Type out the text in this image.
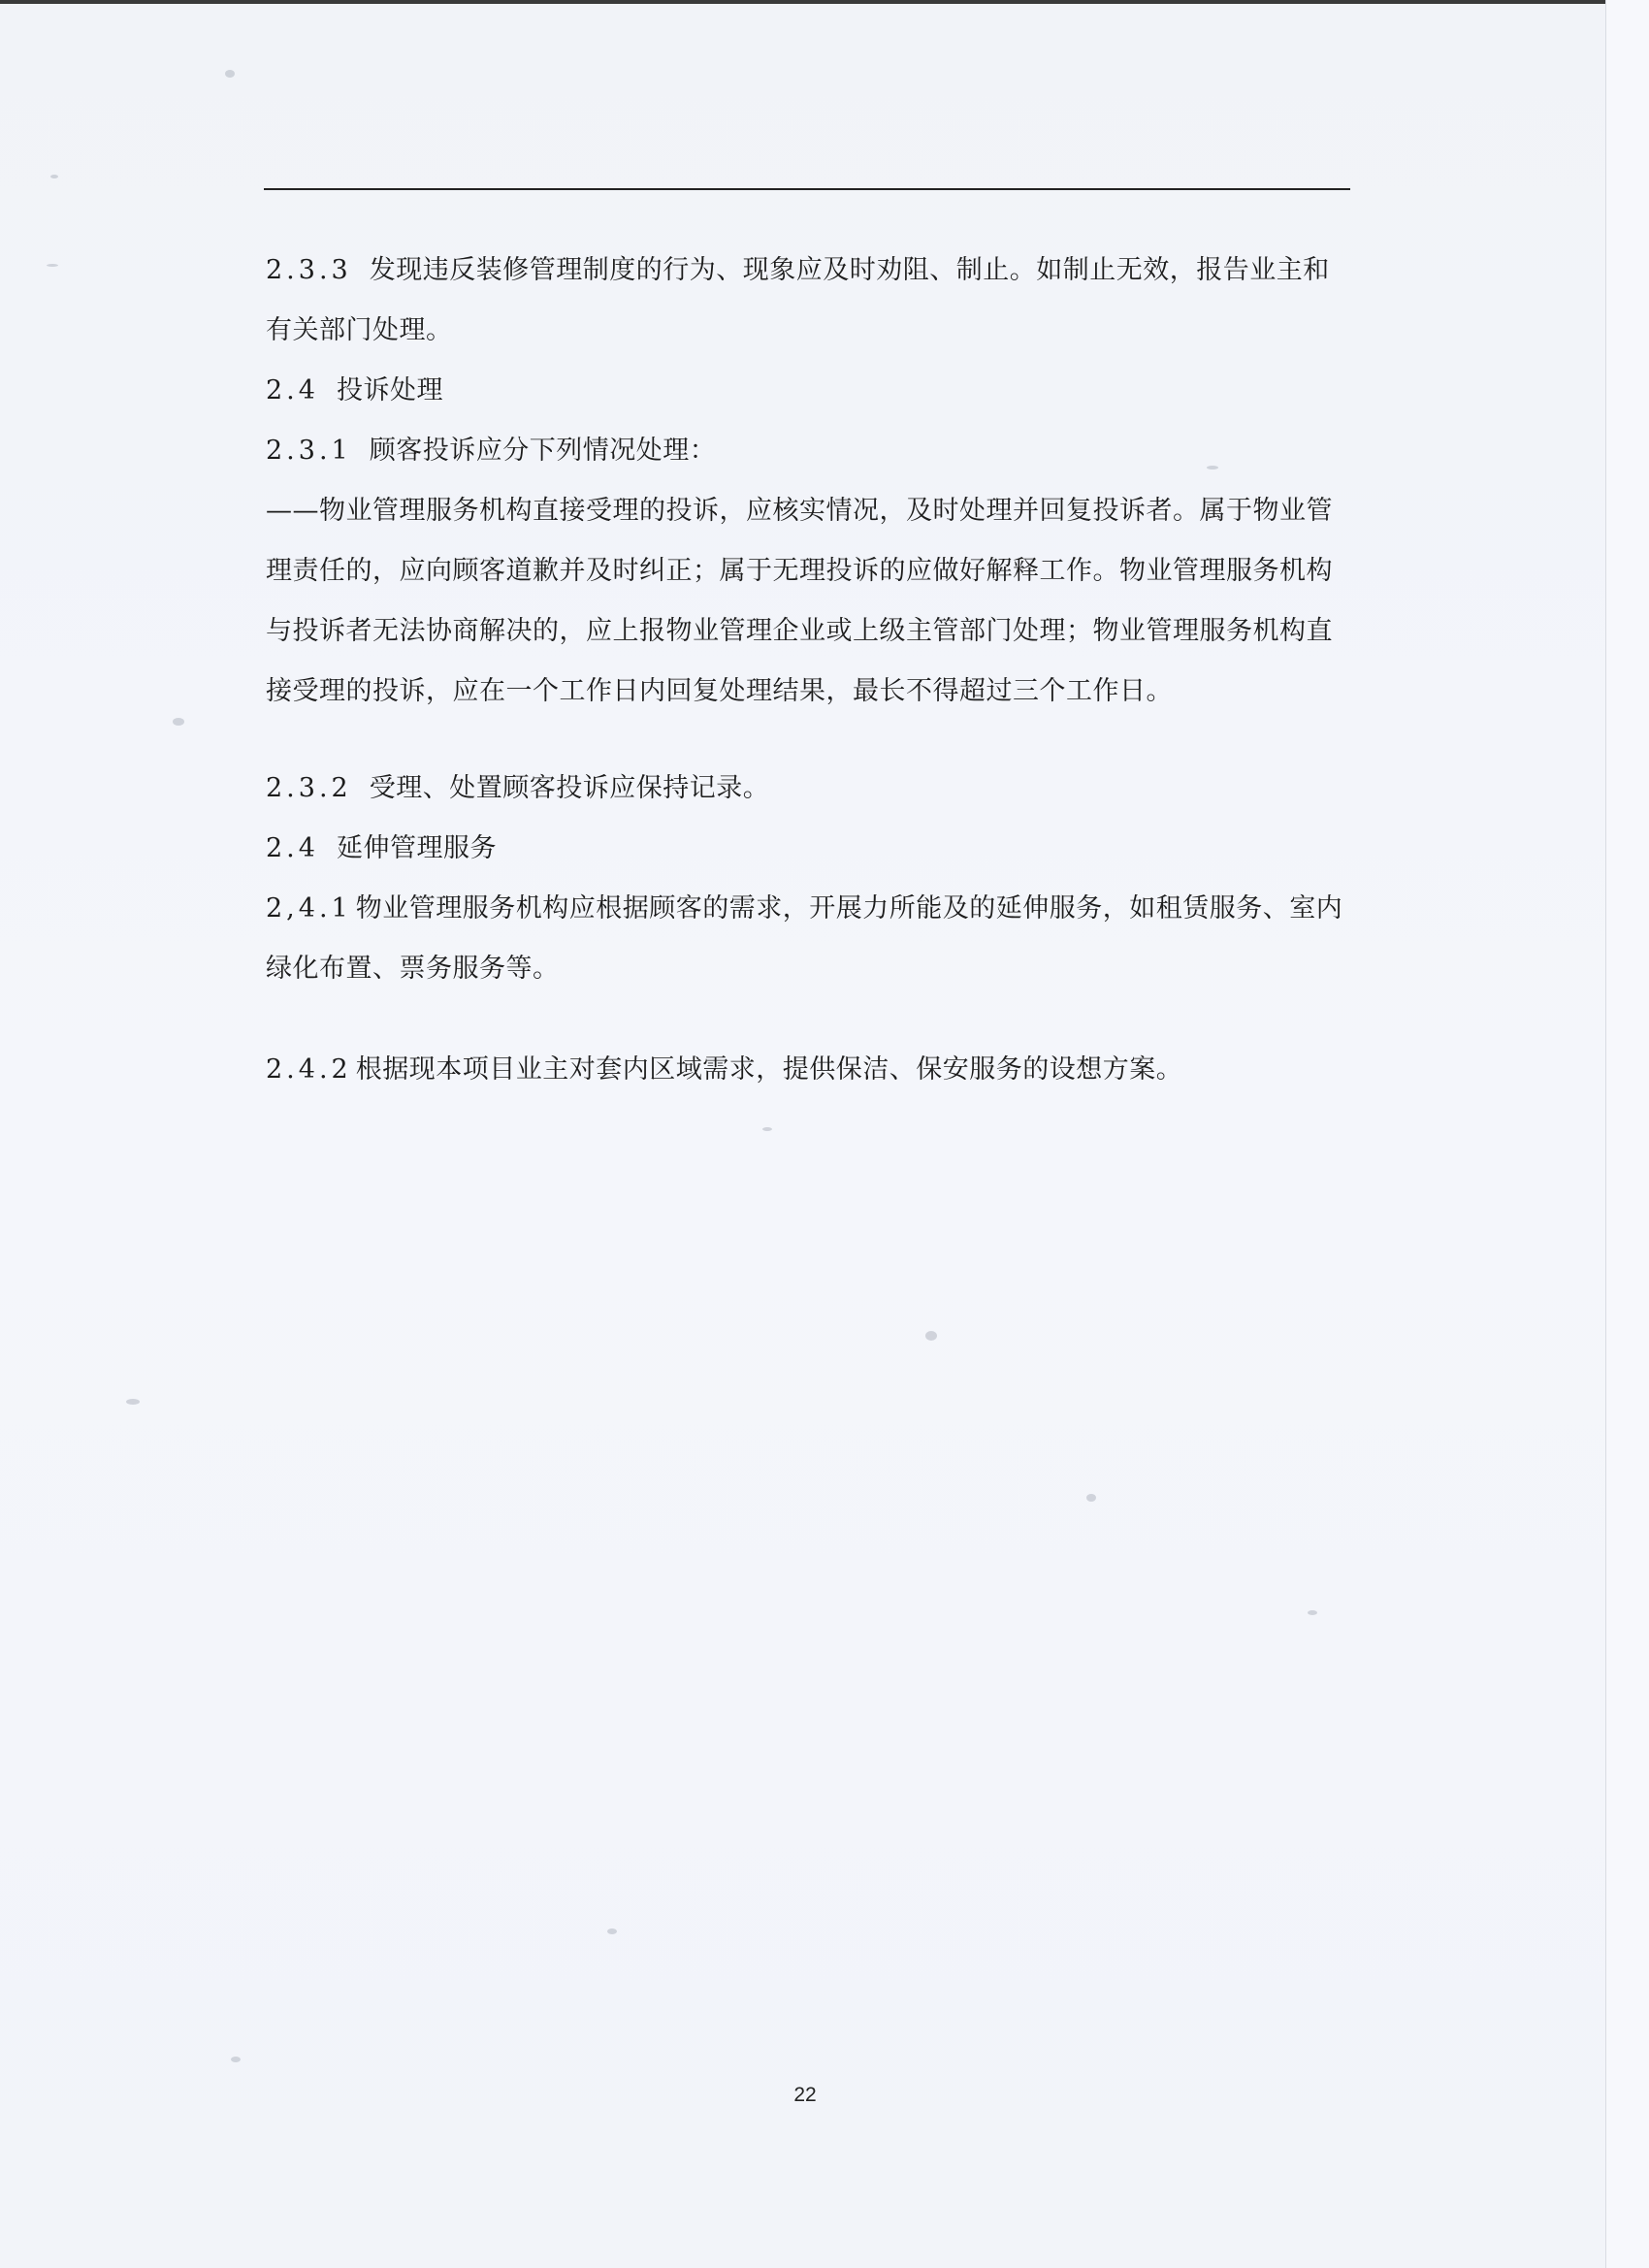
2.3.3 发现违反装修管理制度的行为、现象应及时劝阻、制止。如制止无效，报告业主和有关部门处理。

2.4 投诉处理

2.3.1 顾客投诉应分下列情况处理：

——物业管理服务机构直接受理的投诉，应核实情况，及时处理并回复投诉者。属于物业管理责任的，应向顾客道歉并及时纠正；属于无理投诉的应做好解释工作。物业管理服务机构与投诉者无法协商解决的，应上报物业管理企业或上级主管部门处理；物业管理服务机构直接受理的投诉，应在一个工作日内回复处理结果，最长不得超过三个工作日。

2.3.2 受理、处置顾客投诉应保持记录。

2.4 延伸管理服务

2,4.1 物业管理服务机构应根据顾客的需求，开展力所能及的延伸服务，如租赁服务、室内绿化布置、票务服务等。

2.4.2 根据现本项目业主对套内区域需求，提供保洁、保安服务的设想方案。

22
